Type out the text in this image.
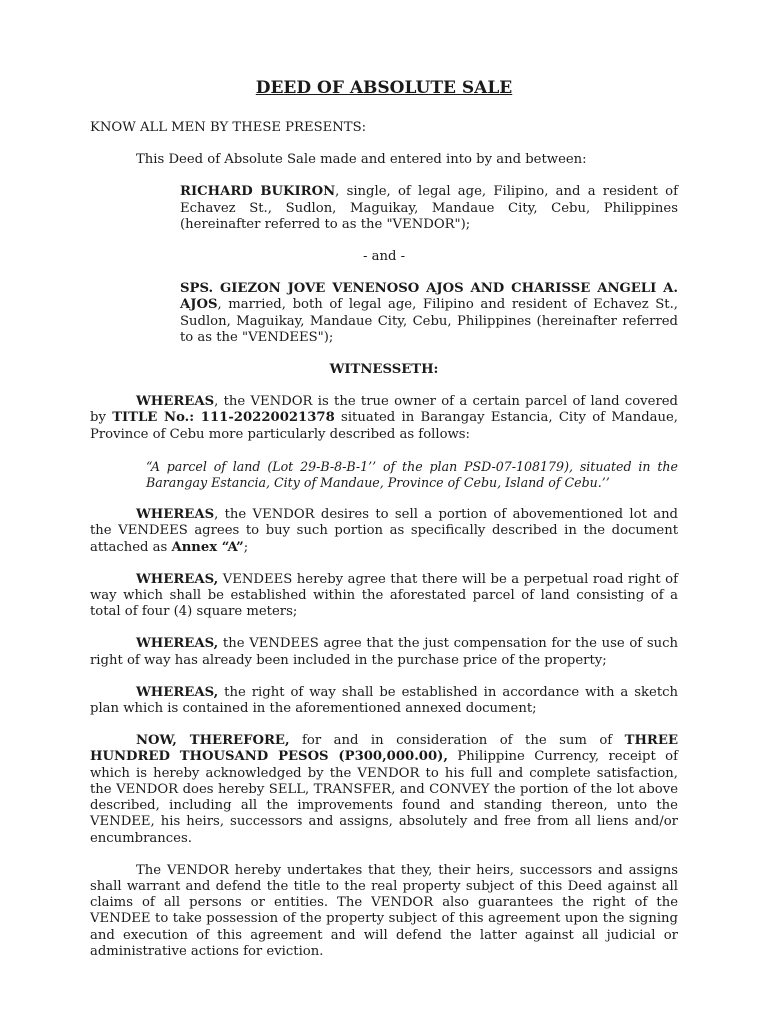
DEED OF ABSOLUTE SALE

KNOW ALL MEN BY THESE PRESENTS:

This Deed of Absolute Sale made and entered into by and between:

RICHARD BUKIRON, single, of legal age, Filipino, and a resident of Echavez St., Sudlon, Maguikay, Mandaue City, Cebu, Philippines (hereinafter referred to as the "VENDOR");

- and -

SPS. GIEZON JOVE VENENOSO AJOS AND CHARISSE ANGELI A. AJOS, married, both of legal age, Filipino and resident of Echavez St., Sudlon, Maguikay, Mandaue City, Cebu, Philippines (hereinafter referred to as the "VENDEES");

WITNESSETH:

WHEREAS, the VENDOR is the true owner of a certain parcel of land covered by TITLE No.: 111-20220021378 situated in Barangay Estancia, City of Mandaue, Province of Cebu more particularly described as follows:

“A parcel of land (Lot 29-B-8-B-1’’ of the plan PSD-07-108179), situated in the Barangay Estancia, City of Mandaue, Province of Cebu, Island of Cebu.’’

WHEREAS, the VENDOR desires to sell a portion of abovementioned lot and the VENDEES agrees to buy such portion as specifically described in the document attached as Annex “A”;

WHEREAS, VENDEES hereby agree that there will be a perpetual road right of way which shall be established within the aforestated parcel of land consisting of a total of four (4) square meters;

WHEREAS, the VENDEES agree that the just compensation for the use of such right of way has already been included in the purchase price of the property;

WHEREAS, the right of way shall be established in accordance with a sketch plan which is contained in the aforementioned annexed document;

NOW, THEREFORE, for and in consideration of the sum of THREE HUNDRED THOUSAND PESOS (P300,000.00), Philippine Currency, receipt of which is hereby acknowledged by the VENDOR to his full and complete satisfaction, the VENDOR does hereby SELL, TRANSFER, and CONVEY the portion of the lot above described, including all the improvements found and standing thereon, unto the VENDEE, his heirs, successors and assigns, absolutely and free from all liens and/or encumbrances.

The VENDOR hereby undertakes that they, their heirs, successors and assigns shall warrant and defend the title to the real property subject of this Deed against all claims of all persons or entities. The VENDOR also guarantees the right of the VENDEE to take possession of the property subject of this agreement upon the signing and execution of this agreement and will defend the latter against all judicial or administrative actions for eviction.
